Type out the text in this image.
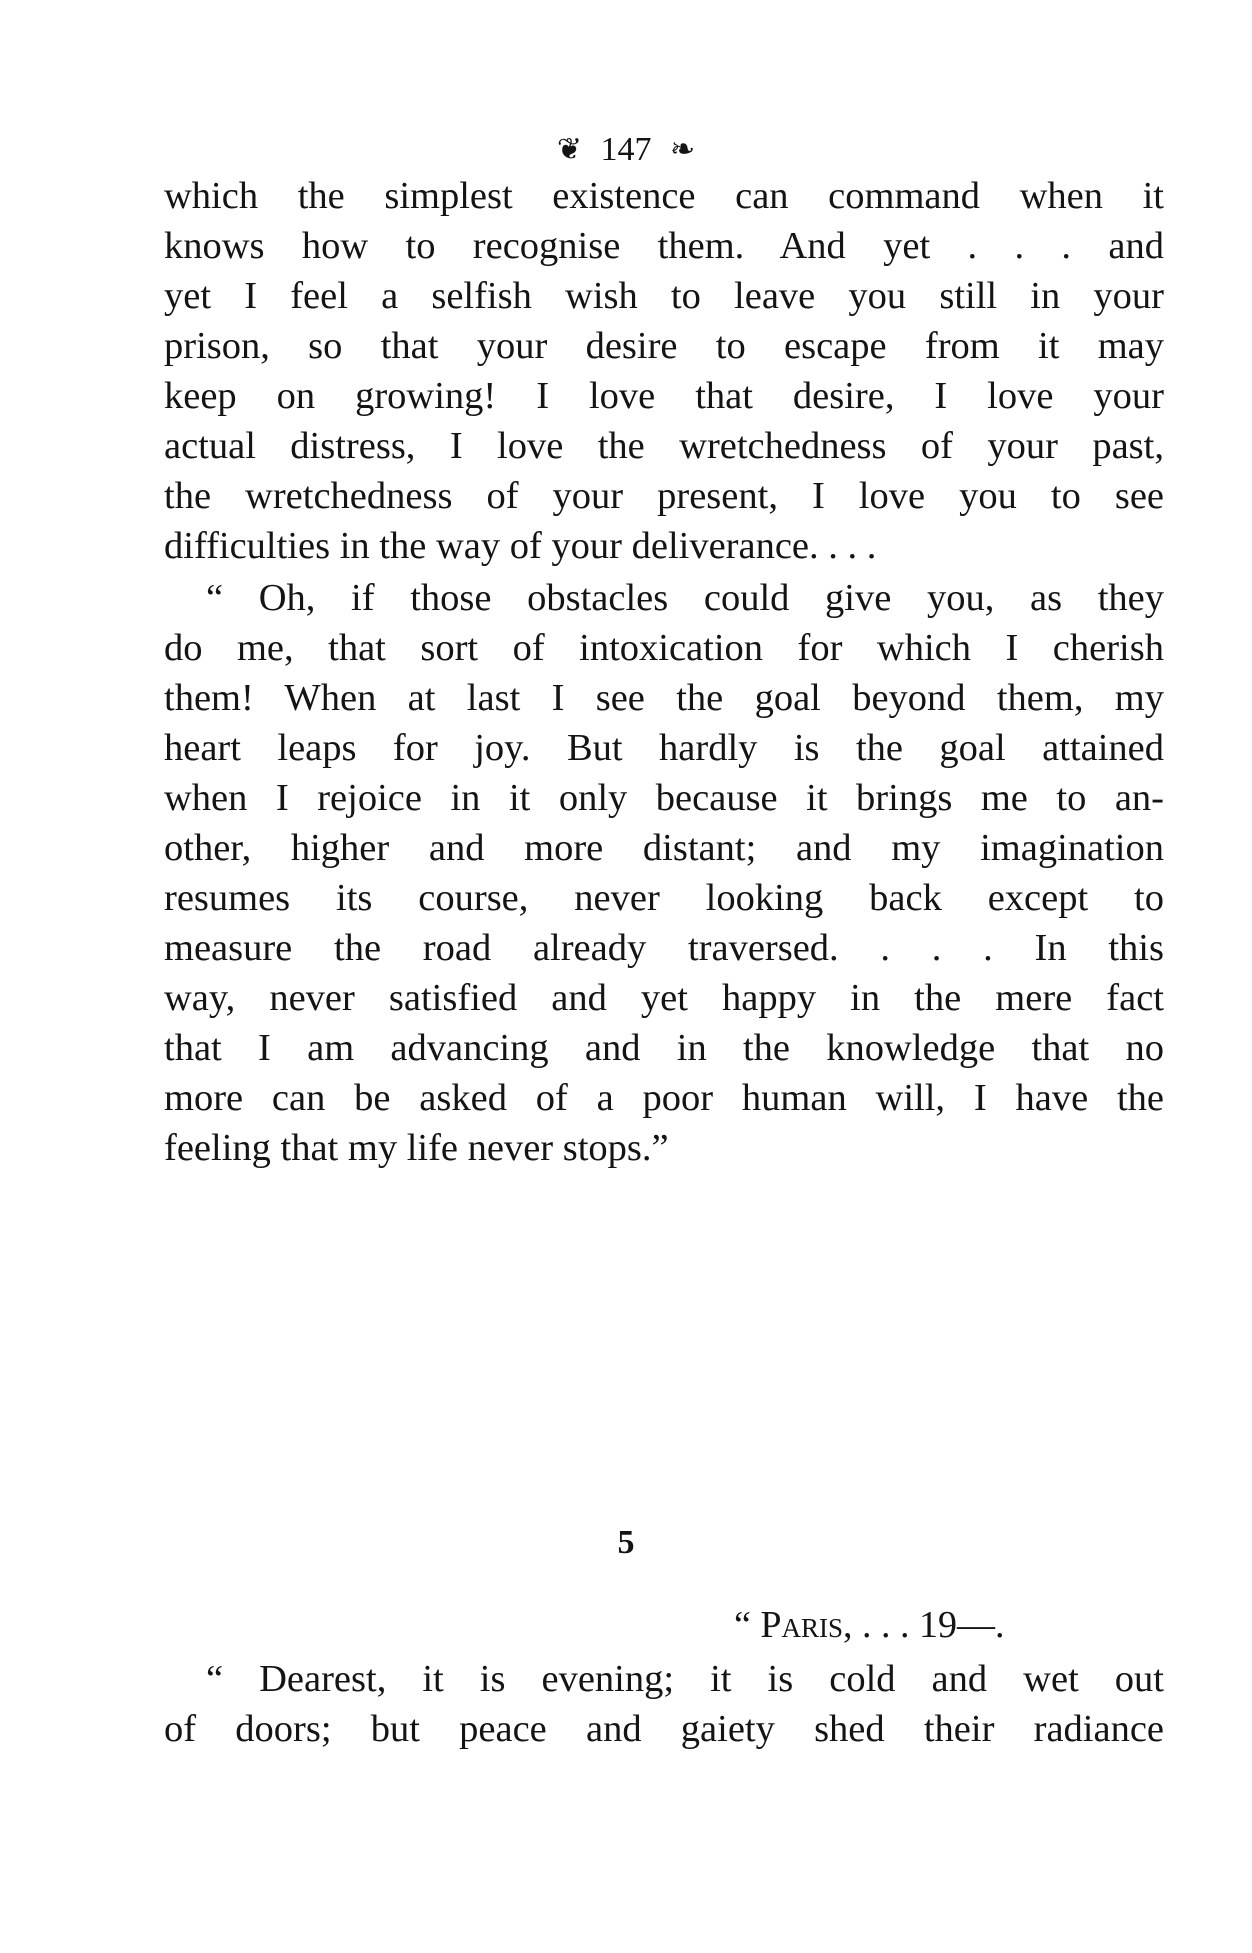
❦ 147 ❧
which the simplest existence can command when it
knows how to recognise them. And yet . . . and
yet I feel a selfish wish to leave you still in your
prison, so that your desire to escape from it may
keep on growing! I love that desire, I love your
actual distress, I love the wretchedness of your past,
the wretchedness of your present, I love you to see
difficulties in the way of your deliverance. . . .
“ Oh, if those obstacles could give you, as they
do me, that sort of intoxication for which I cherish
them! When at last I see the goal beyond them, my
heart leaps for joy. But hardly is the goal attained
when I rejoice in it only because it brings me to an-
other, higher and more distant; and my imagination
resumes its course, never looking back except to
measure the road already traversed. . . . In this
way, never satisfied and yet happy in the mere fact
that I am advancing and in the knowledge that no
more can be asked of a poor human will, I have the
feeling that my life never stops.”
5
“ Paris, . . . 19—.
“ Dearest, it is evening; it is cold and wet out
of doors; but peace and gaiety shed their radiance
